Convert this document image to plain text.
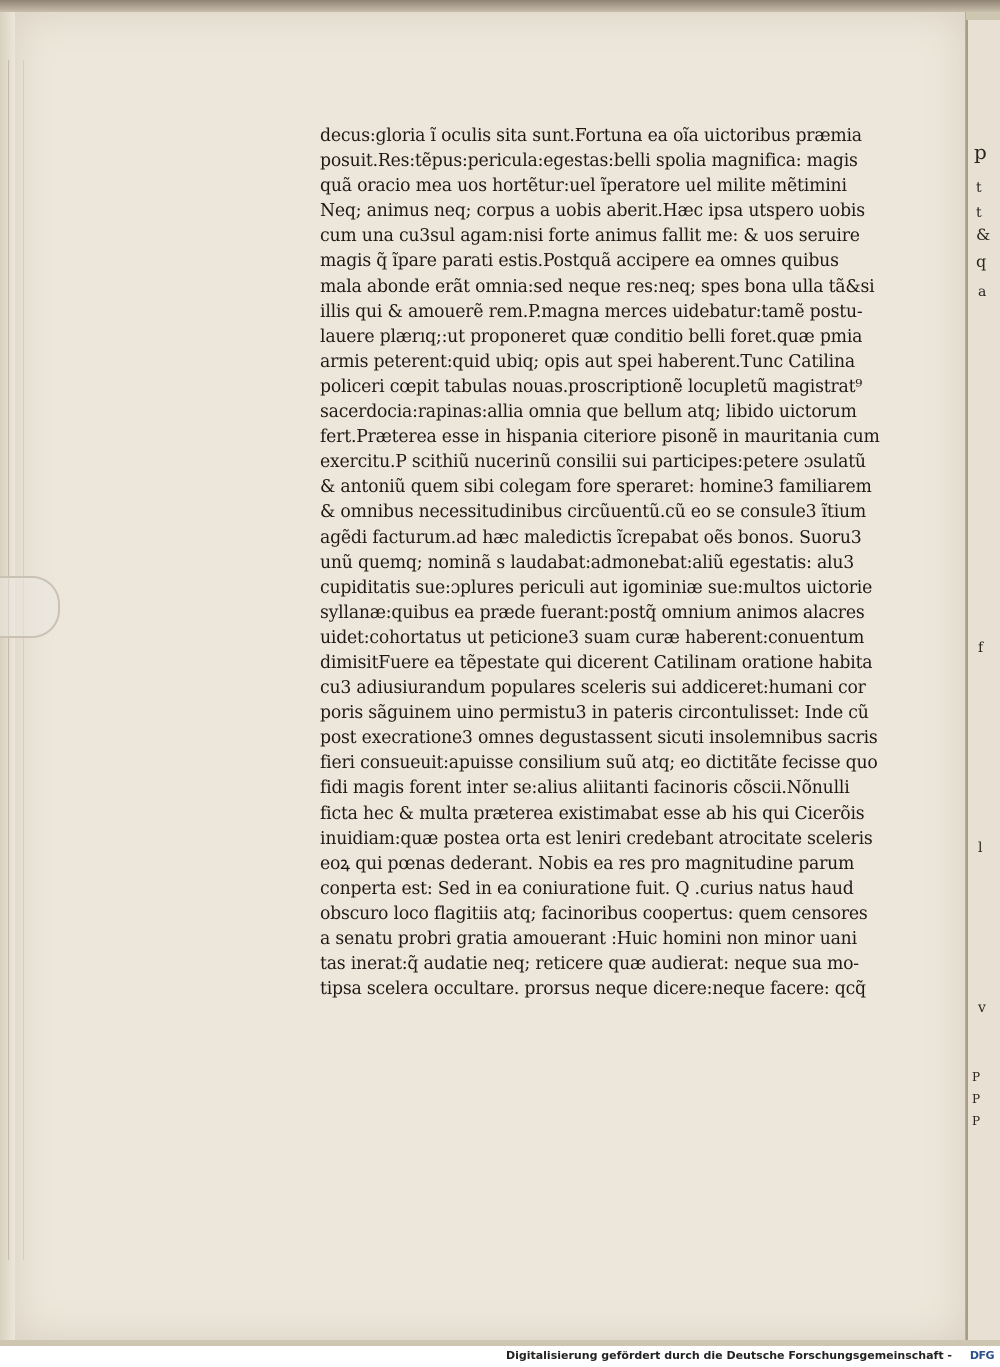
p
t
t
&
q
a
f
l
v
P
P
P
decus:gloria ĩ oculis sita sunt.Fortuna ea oĩa uictoribus præmia
posuit.Res:tẽpus:pericula:egestas:belli spolia magnifica: magis
quã oracio mea uos hortẽtur:uel ĩperatore uel milite mẽtimini
Neq; animus neq; corpus a uobis aberit.Hæc ipsa utspero uobis
cum una cu3sul agam:nisi forte animus fallit me: & uos seruire
magis q̃ ĩpare parati estis.Postquã accipere ea omnes quibus
mala abonde erãt omnia:sed neque res:neq; spes bona ulla tã&si
illis qui & amouerẽ rem.P.magna merces uidebatur:tamẽ postu-
lauere plærıq;:ut proponeret quæ conditio belli foret.quæ pmia
armis peterent:quid ubiq; opis aut spei haberent.Tunc Catilina
policeri cœpit tabulas nouas.proscriptionẽ locupletũ magistrat⁹
sacerdocia:rapinas:allia omnia que bellum atq; libido uictorum
fert.Præterea esse in hispania citeriore pisonẽ in mauritania cum
exercitu.P scithiũ nucerinũ consilii sui participes:petere ɔsulatũ
& antoniũ quem sibi colegam fore speraret: homine3 familiarem
& omnibus necessitudinibus circũuentũ.cũ eo se consule3 ĩtium
agẽdi facturum.ad hæc maledictis ĩcrepabat oẽs bonos. Suoru3
unũ quemq; nominã s laudabat:admonebat:aliũ egestatis: alu3
cupiditatis sue:ɔplures periculi aut igominiæ sue:multos uictorie
syllanæ:quibus ea præde fuerant:postq̃ omnium animos alacres
uidet:cohortatus ut peticione3 suam curæ haberent:conuentum
dimisitFuere ea tẽpestate qui dicerent Catilinam oratione habita
cu3 adiusiurandum populares sceleris sui addiceret:humani cor
poris sãguinem uino permistu3 in pateris circontulisset: Inde cũ
post execratione3 omnes degustassent sicuti insolemnibus sacris
fieri consueuit:apuisse consilium suũ atq; eo dictitãte fecisse quo
fidi magis forent inter se:alius aliitanti facinoris cõscii.Nõnulli
ficta hec & multa præterea existimabat esse ab his qui Cicerõis
inuidiam:quæ postea orta est leniri credebant atrocitate sceleris
eoꝝ qui pœnas dederant. Nobis ea res pro magnitudine parum
conperta est: Sed in ea coniuratione fuit. Q .curius natus haud
obscuro loco flagitiis atq; facinoribus coopertus: quem censores
a senatu probri gratia amouerant :Huic homini non minor uani
tas inerat:q̃ audatie neq; reticere quæ audierat: neque sua mo-
tipsa scelera occultare. prorsus neque dicere:neque facere: qcq̃
Digitalisierung gefördert durch die Deutsche Forschungsgemeinschaft - DFG
